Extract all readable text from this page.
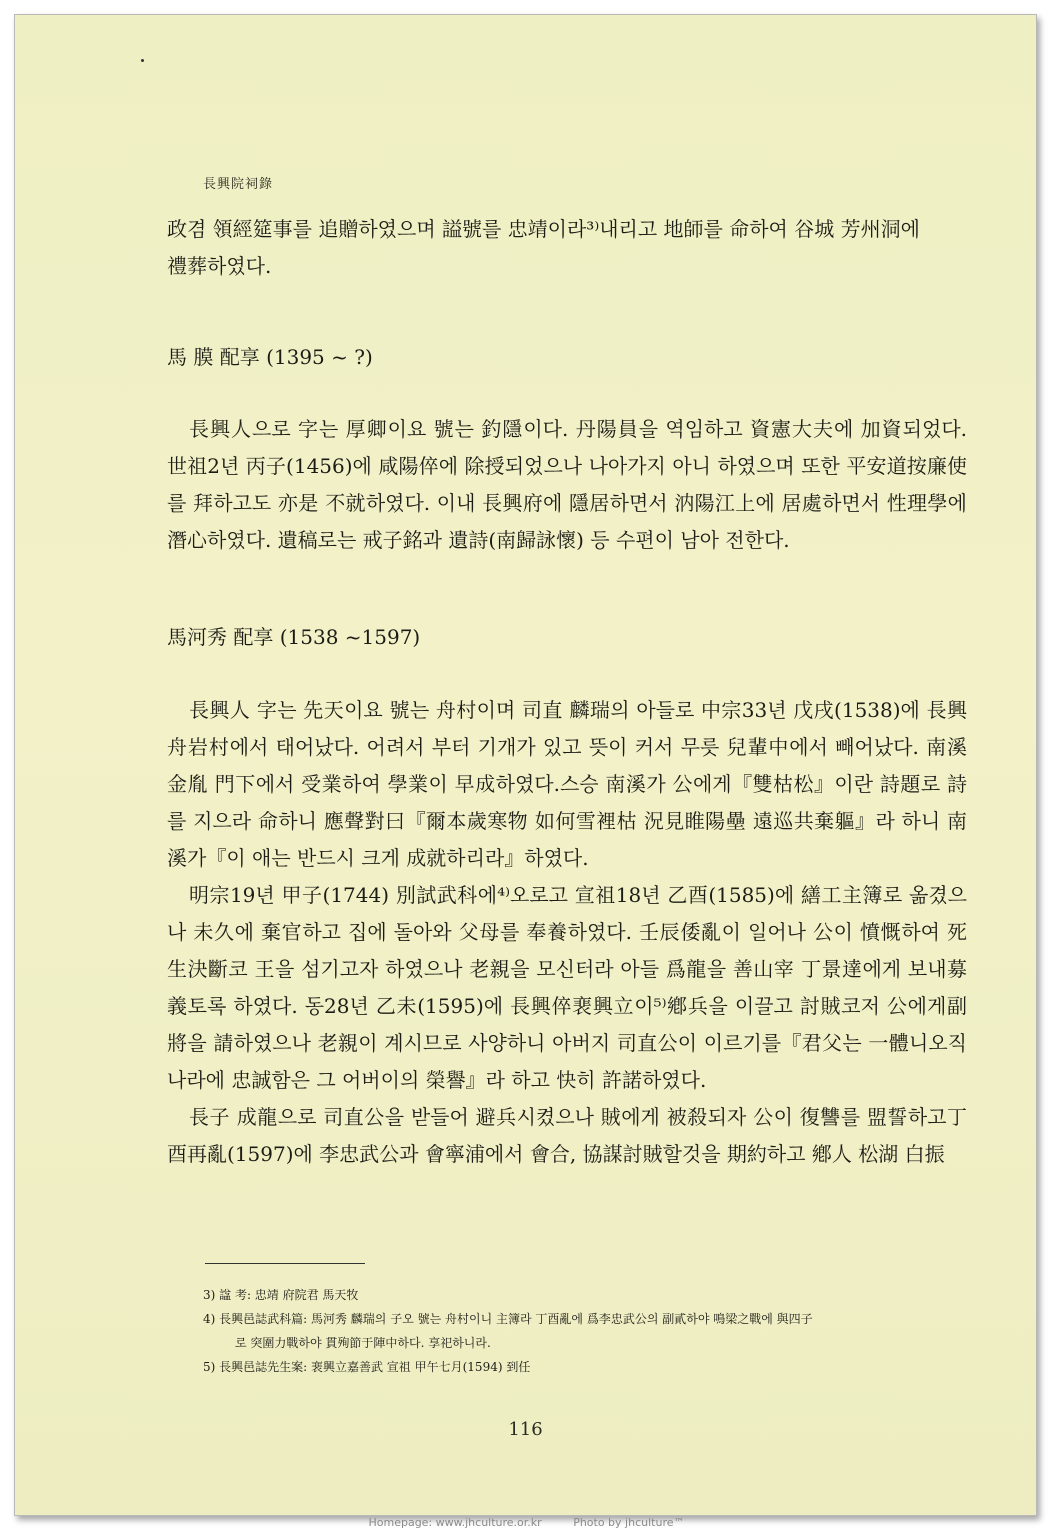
長興院祠錄

政겸 領經筵事를 追贈하였으며 謚號를 忠靖이라³⁾내리고 地師를 命하여 谷城 芳州洞에

禮葬하였다.

馬 膜 配享 (1395 ~ ?)

長興人으로 字는 厚卿이요 號는 釣隱이다. 丹陽員을 역임하고 資憲大夫에 加資되었다. 世祖2년 丙子(1456)에 咸陽倅에 除授되었으나 나아가지 아니 하였으며 또한 平安道按廉使를 拜하고도 亦是 不就하였다. 이내 長興府에 隱居하면서 汭陽江上에 居處하면서 性理學에 潛心하였다. 遺稿로는 戒子銘과 遺詩(南歸詠懷) 등 수편이 남아 전한다.

馬河秀 配享 (1538 ~1597)

長興人 字는 先天이요 號는 舟村이며 司直 麟瑞의 아들로 中宗33년 戊戌(1538)에 長興舟岩村에서 태어났다. 어려서 부터 기개가 있고 뜻이 커서 무릇 兒輩中에서 빼어났다. 南溪 金胤 門下에서 受業하여 學業이 早成하였다.스승 南溪가 公에게『雙枯松』이란 詩題로 詩를 지으라 命하니 應聲對曰『爾本歲寒物 如何雪裡枯 況見睢陽壘 遠巡共棄軀』라 하니 南溪가『이 애는 반드시 크게 成就하리라』하였다.

明宗19년 甲子(1744) 別試武科에⁴⁾오로고 宣祖18년 乙酉(1585)에 繕工主簿로 옮겼으나 未久에 棄官하고 집에 돌아와 父母를 奉養하였다. 壬辰倭亂이 일어나 公이 憤慨하여 死生決斷코 王을 섬기고자 하였으나 老親을 모신터라 아들 爲龍을 善山宰 丁景達에게 보내募義토록 하였다. 동28년 乙未(1595)에 長興倅裵興立이⁵⁾鄕兵을 이끌고 討賊코저 公에게副將을 請하였으나 老親이 계시므로 사양하니 아버지 司直公이 이르기를『君父는 一體니오직 나라에 忠誠함은 그 어버이의 榮譽』라 하고 快히 許諾하였다.

長子 成龍으로 司直公을 받들어 避兵시켰으나 賊에게 被殺되자 公이 復讐를 盟誓하고丁酉再亂(1597)에 李忠武公과 會寧浦에서 會合, 協謀討賊할것을 期約하고 鄕人 松湖 白振

3) 諡 考: 忠靖 府院君 馬天牧
4) 長興邑誌武科篇: 馬河秀 麟瑞의 子오 號는 舟村이니 主簿라 丁酉亂에 爲李忠武公의 副貳하야 鳴梁之戰에 與四子
로 突圍力戰하야 貫殉節于陣中하다. 享祀하니라.
5) 長興邑誌先生案: 裵興立嘉善武 宣祖 甲午七月(1594) 到任
116
Homepage: www.jhculture.or.kr	Photo by jhculture™
